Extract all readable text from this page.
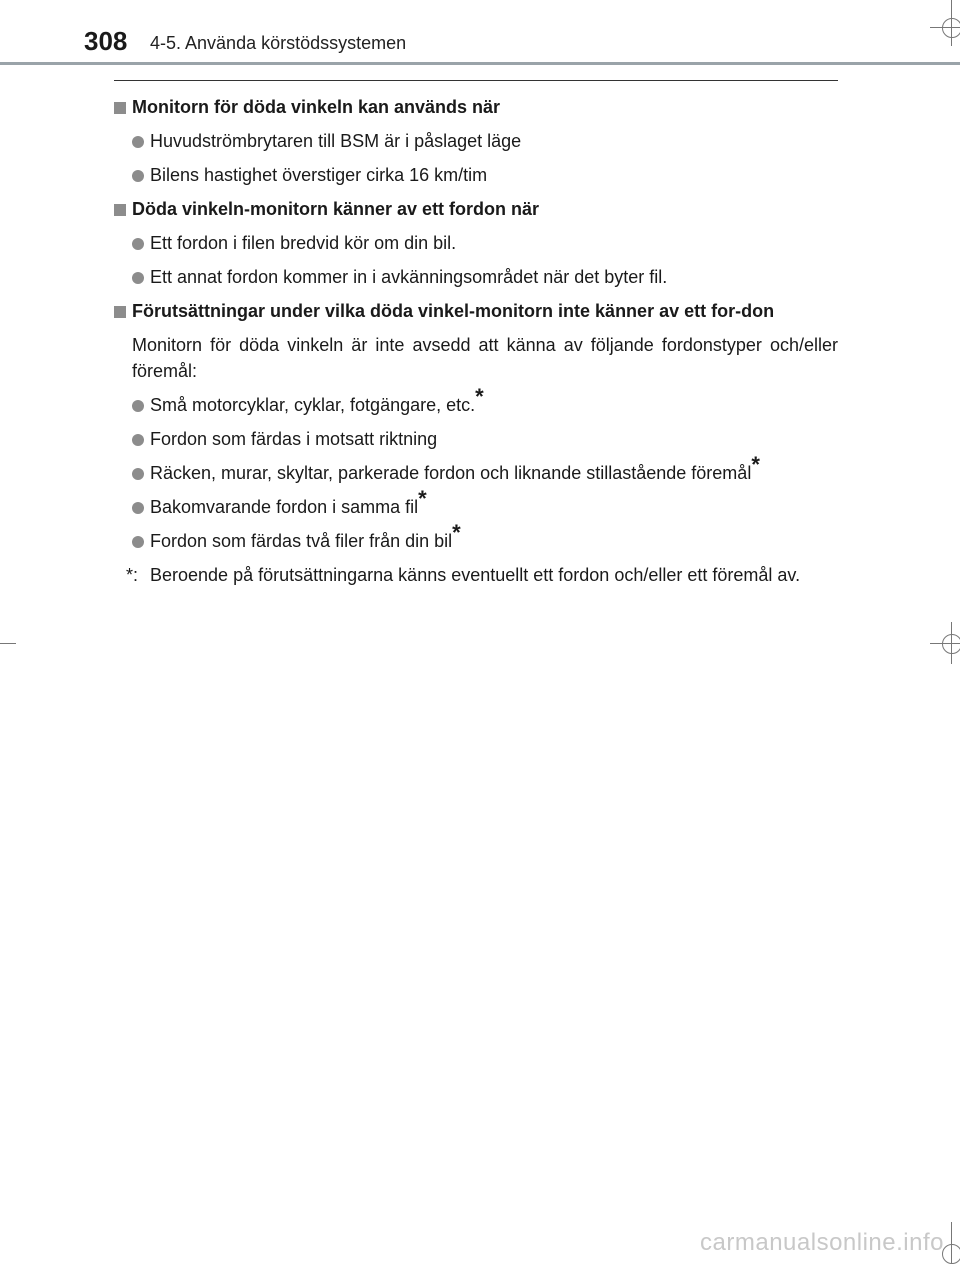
308 4-5. Använda körstödssystemen
Monitorn för döda vinkeln kan används när
Huvudströmbrytaren till BSM är i påslaget läge
Bilens hastighet överstiger cirka 16 km/tim
Döda vinkeln-monitorn känner av ett fordon när
Ett fordon i filen bredvid kör om din bil.
Ett annat fordon kommer in i avkänningsområdet när det byter fil.
Förutsättningar under vilka döda vinkel-monitorn inte känner av ett for-don
Monitorn för döda vinkeln är inte avsedd att känna av följande fordonstyper och/eller föremål:
Små motorcyklar, cyklar, fotgängare, etc.*
Fordon som färdas i motsatt riktning
Räcken, murar, skyltar, parkerade fordon och liknande stillastående föremål*
Bakomvarande fordon i samma fil*
Fordon som färdas två filer från din bil*
*: Beroende på förutsättningarna känns eventuellt ett fordon och/eller ett föremål av.
carmanualsonline.info
